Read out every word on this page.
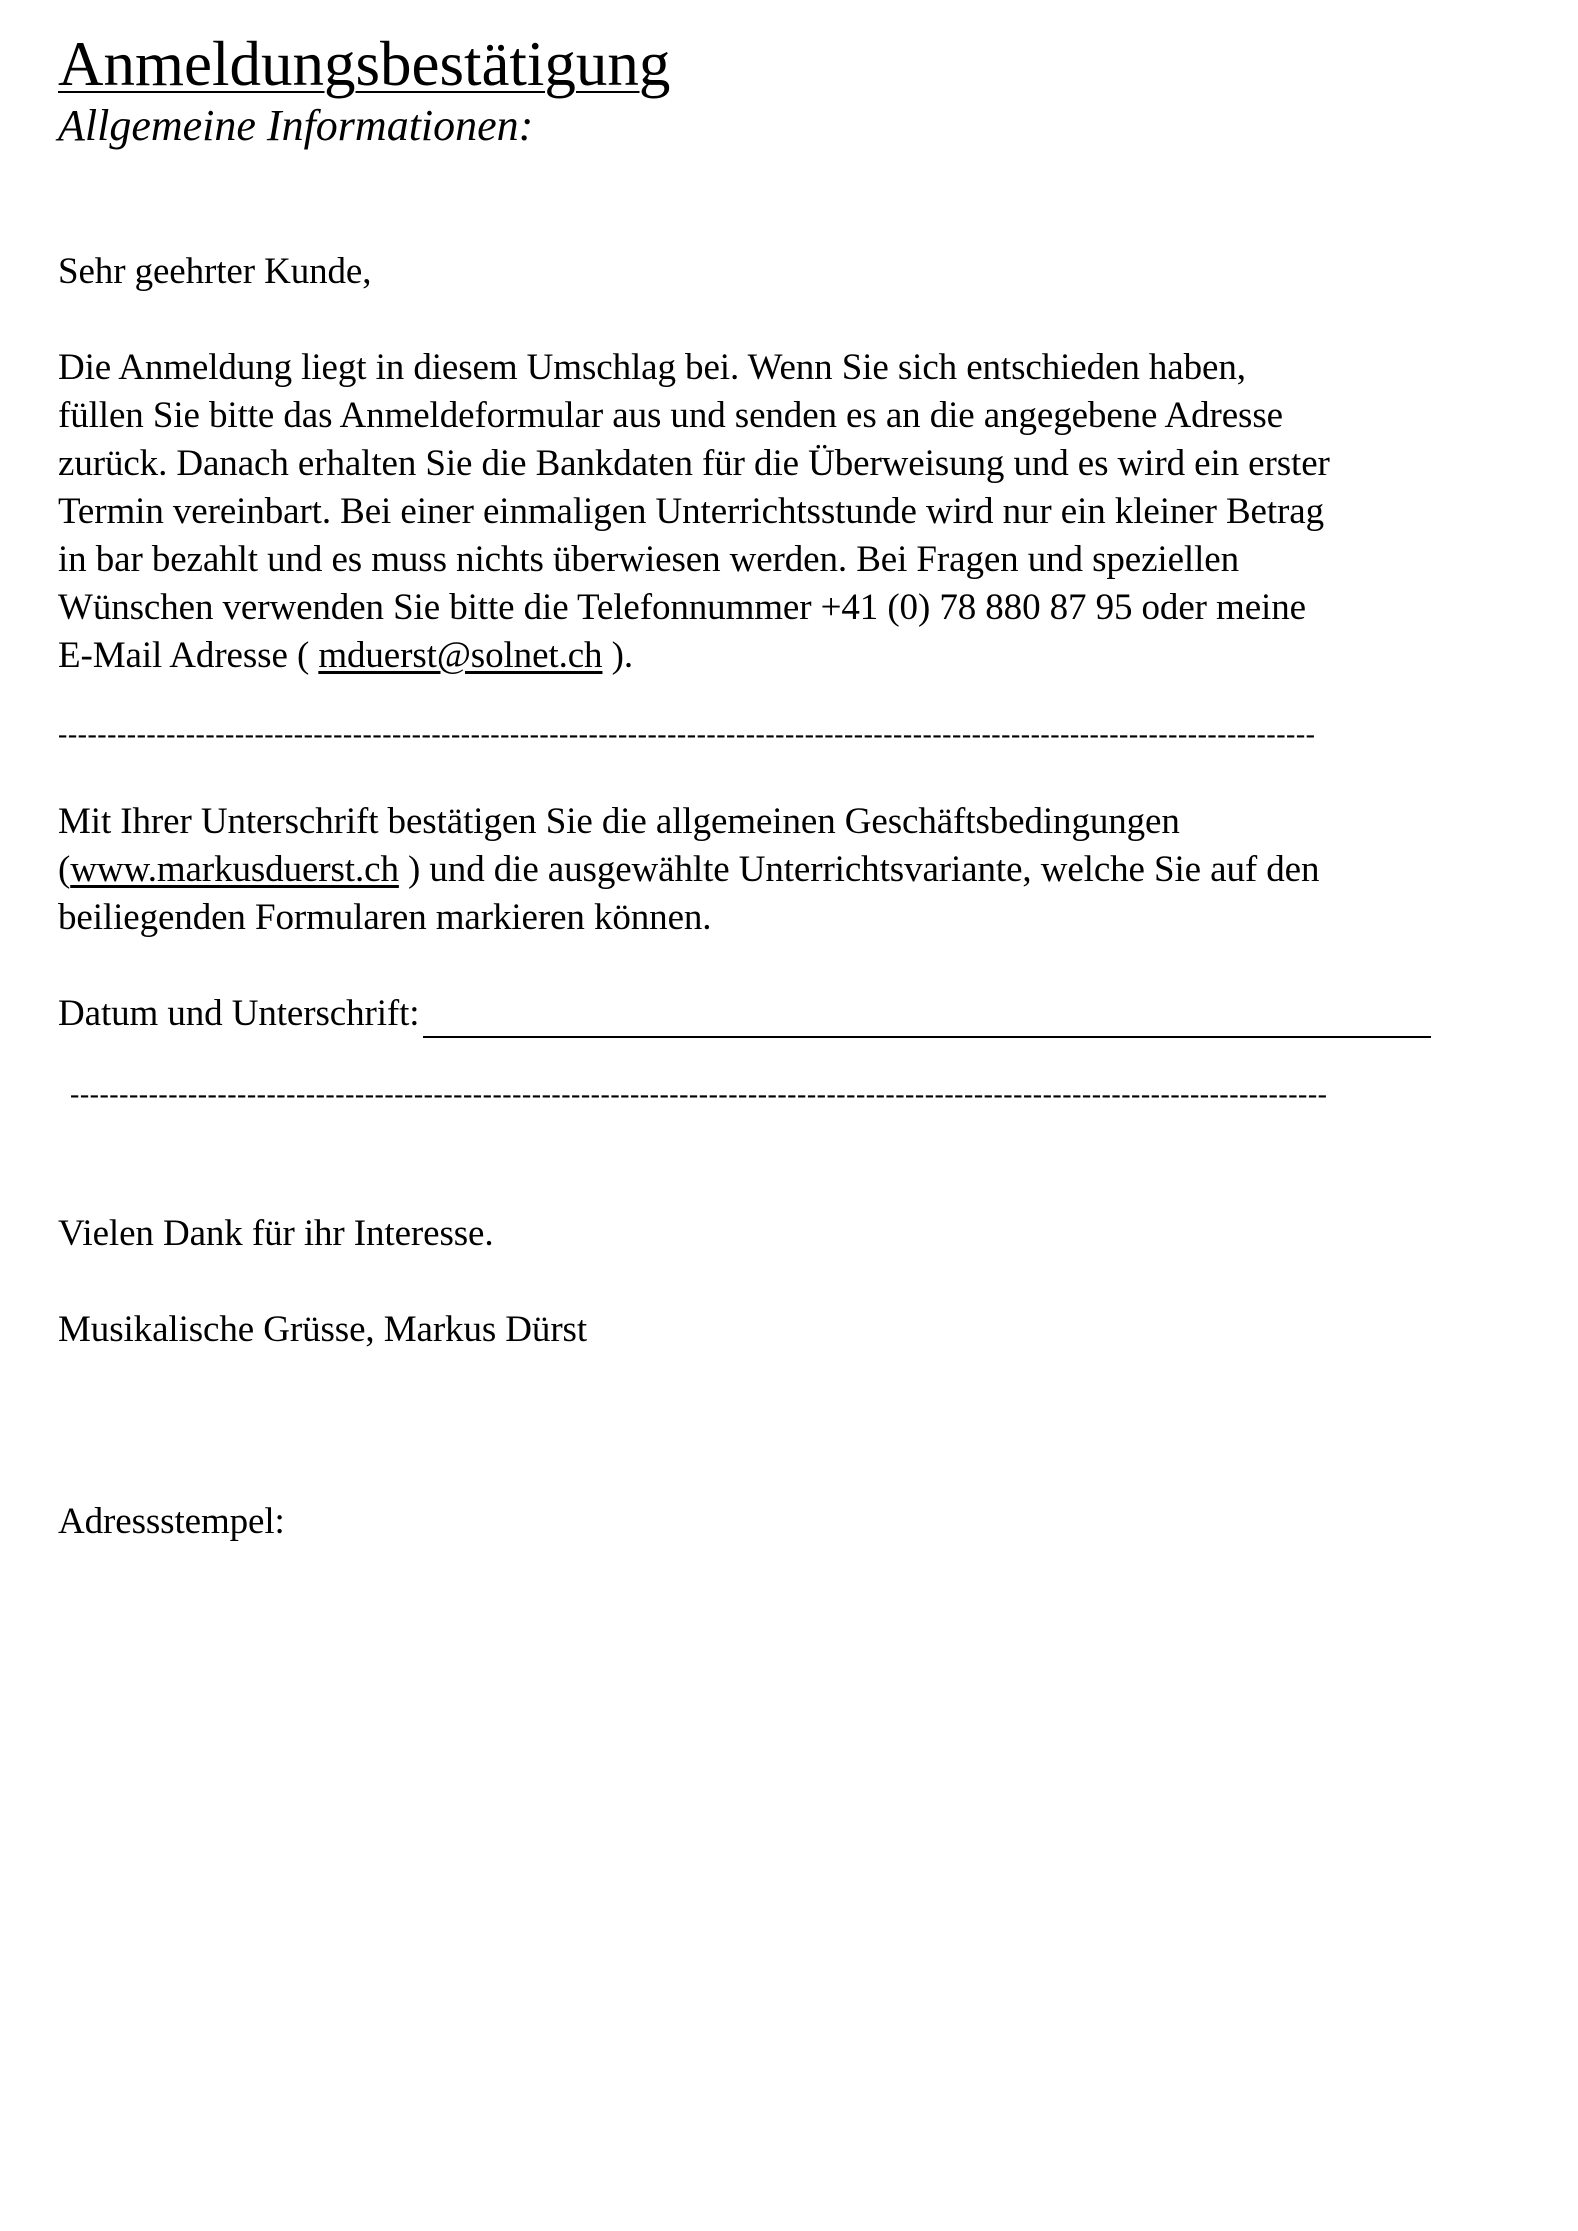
Anmeldungsbestätigung

Allgemeine Informationen:

Sehr geehrter Kunde,

Die Anmeldung liegt in diesem Umschlag bei. Wenn Sie sich entschieden haben,
füllen Sie bitte das Anmeldeformular aus und senden es an die angegebene Adresse
zurück. Danach erhalten Sie die Bankdaten für die Überweisung und es wird ein erster
Termin vereinbart. Bei einer einmaligen Unterrichtsstunde wird nur ein kleiner Betrag
in bar bezahlt und es muss nichts überwiesen werden. Bei Fragen und speziellen
Wünschen verwenden Sie bitte die Telefonnummer +41 (0) 78 880 87 95 oder meine
E-Mail Adresse ( mduerst@solnet.ch ).
--------------------------------------------------------------------------------------------------------------------------------
Mit Ihrer Unterschrift bestätigen Sie die allgemeinen Geschäftsbedingungen
(www.markusduerst.ch ) und die ausgewählte Unterrichtsvariante, welche Sie auf den
beiliegenden Formularen markieren können.
Datum und Unterschrift:
--------------------------------------------------------------------------------------------------------------------------------

Vielen Dank für ihr Interesse.

Musikalische Grüsse, Markus Dürst

Adressstempel:
